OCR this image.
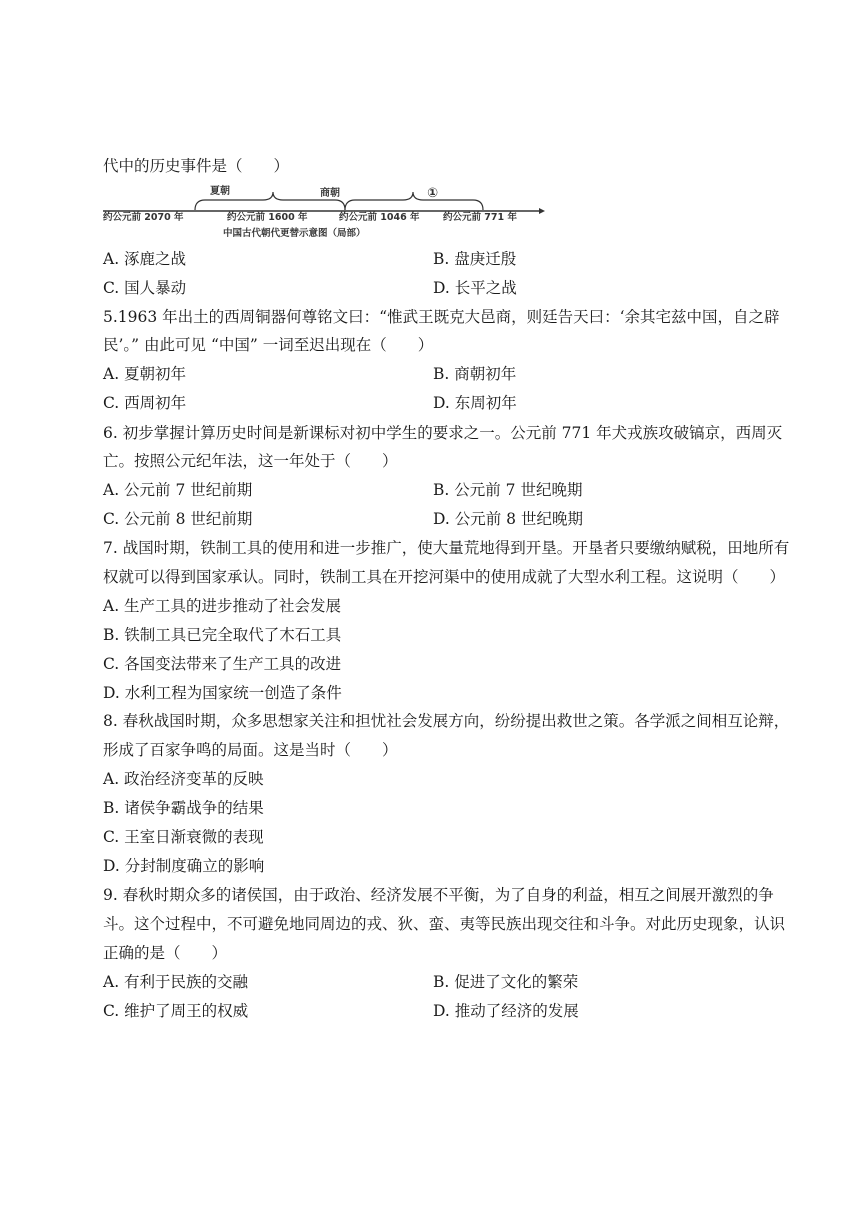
代中的历史事件是（　　）
夏朝	商朝	①
约公元前 2070 年	约公元前 1600 年	约公元前 1046 年 约公元前 771 年
中国古代朝代更替示意图（局部）
A. 涿鹿之战	B. 盘庚迁殷
C. 国人暴动	D. 长平之战
5.1963 年出土的西周铜器何尊铭文曰：“惟武王既克大邑商，则廷告天曰：‘余其宅兹中国，自之辟
民’。” 由此可见 “中国” 一词至迟出现在（　　）
A. 夏朝初年	B. 商朝初年
C. 西周初年	D. 东周初年
6. 初步掌握计算历史时间是新课标对初中学生的要求之一。公元前 771 年犬戎族攻破镐京，西周灭
亡。按照公元纪年法，这一年处于（　　）
A. 公元前 7 世纪前期	B. 公元前 7 世纪晚期
C. 公元前 8 世纪前期	D. 公元前 8 世纪晚期
7. 战国时期，铁制工具的使用和进一步推广，使大量荒地得到开垦。开垦者只要缴纳赋税，田地所有
权就可以得到国家承认。同时，铁制工具在开挖河渠中的使用成就了大型水利工程。这说明（　　）
A. 生产工具的进步推动了社会发展
B. 铁制工具已完全取代了木石工具
C. 各国变法带来了生产工具的改进
D. 水利工程为国家统一创造了条件
8. 春秋战国时期，众多思想家关注和担忧社会发展方向，纷纷提出救世之策。各学派之间相互论辩，
形成了百家争鸣的局面。这是当时（　　）
A. 政治经济变革的反映
B. 诸侯争霸战争的结果
C. 王室日渐衰微的表现
D. 分封制度确立的影响
9. 春秋时期众多的诸侯国，由于政治、经济发展不平衡，为了自身的利益，相互之间展开激烈的争
斗。这个过程中，不可避免地同周边的戎、狄、蛮、夷等民族出现交往和斗争。对此历史现象，认识
正确的是（　　）
A. 有利于民族的交融	B. 促进了文化的繁荣
C. 维护了周王的权威	D. 推动了经济的发展
